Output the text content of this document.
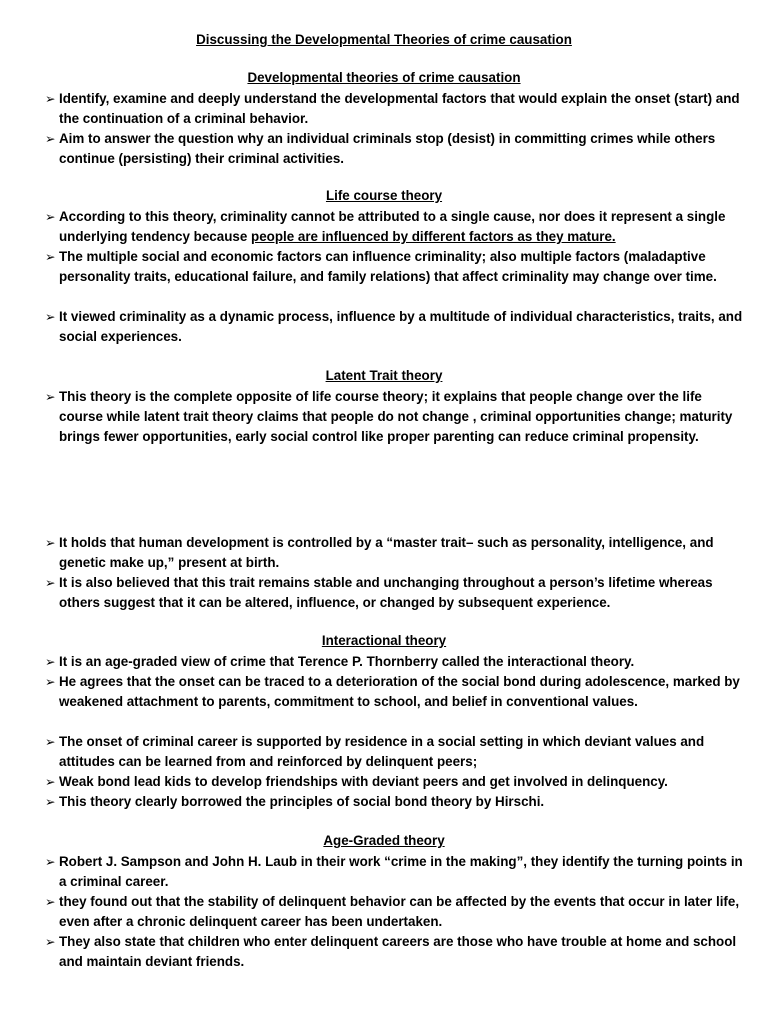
Discussing the Developmental Theories of crime causation
Developmental theories of crime causation

➢ Identify, examine and deeply understand the developmental factors that would explain the onset (start) and the continuation of a criminal behavior.

➢ Aim to answer the question why an individual criminals stop (desist) in committing crimes while others continue (persisting) their criminal activities.

Life course theory

➢ According to this theory, criminality cannot be attributed to a single cause, nor does it represent a single underlying tendency because people are influenced by different factors as they mature.

➢ The multiple social and economic factors can influence criminality; also multiple factors (maladaptive personality traits, educational failure, and family relations) that affect criminality may change over time.

➢ It viewed criminality as a dynamic process, influence by a multitude of individual characteristics, traits, and social experiences.

Latent Trait theory

➢ This theory is the complete opposite of life course theory; it explains that people change over the life course while latent trait theory claims that people do not change , criminal opportunities change; maturity brings fewer opportunities, early social control like proper parenting can reduce criminal propensity.

➢ It holds that human development is controlled by a “master trait– such as personality, intelligence, and genetic make up,” present at birth.

➢ It is also believed that this trait remains stable and unchanging throughout a person’s lifetime whereas others suggest that it can be altered, influence, or changed by subsequent experience.

Interactional theory

➢ It is an age-graded view of crime that Terence P. Thornberry called the interactional theory.

➢ He agrees that the onset can be traced to a deterioration of the social bond during adolescence, marked by weakened attachment to parents, commitment to school, and belief in conventional values.

➢ The onset of criminal career is supported by residence in a social setting in which deviant values and attitudes can be learned from and reinforced by delinquent peers;

➢ Weak bond lead kids to develop friendships with deviant peers and get involved in delinquency.

➢ This theory clearly borrowed the principles of social bond theory by Hirschi.

Age-Graded theory

➢ Robert J. Sampson and John H. Laub in their work “crime in the making”, they identify the turning points in a criminal career.

➢ they found out that the stability of delinquent behavior can be affected by the events that occur in later life, even after a chronic delinquent career has been undertaken.

➢ They also state that children who enter delinquent careers are those who have trouble at home and school and maintain deviant friends.
